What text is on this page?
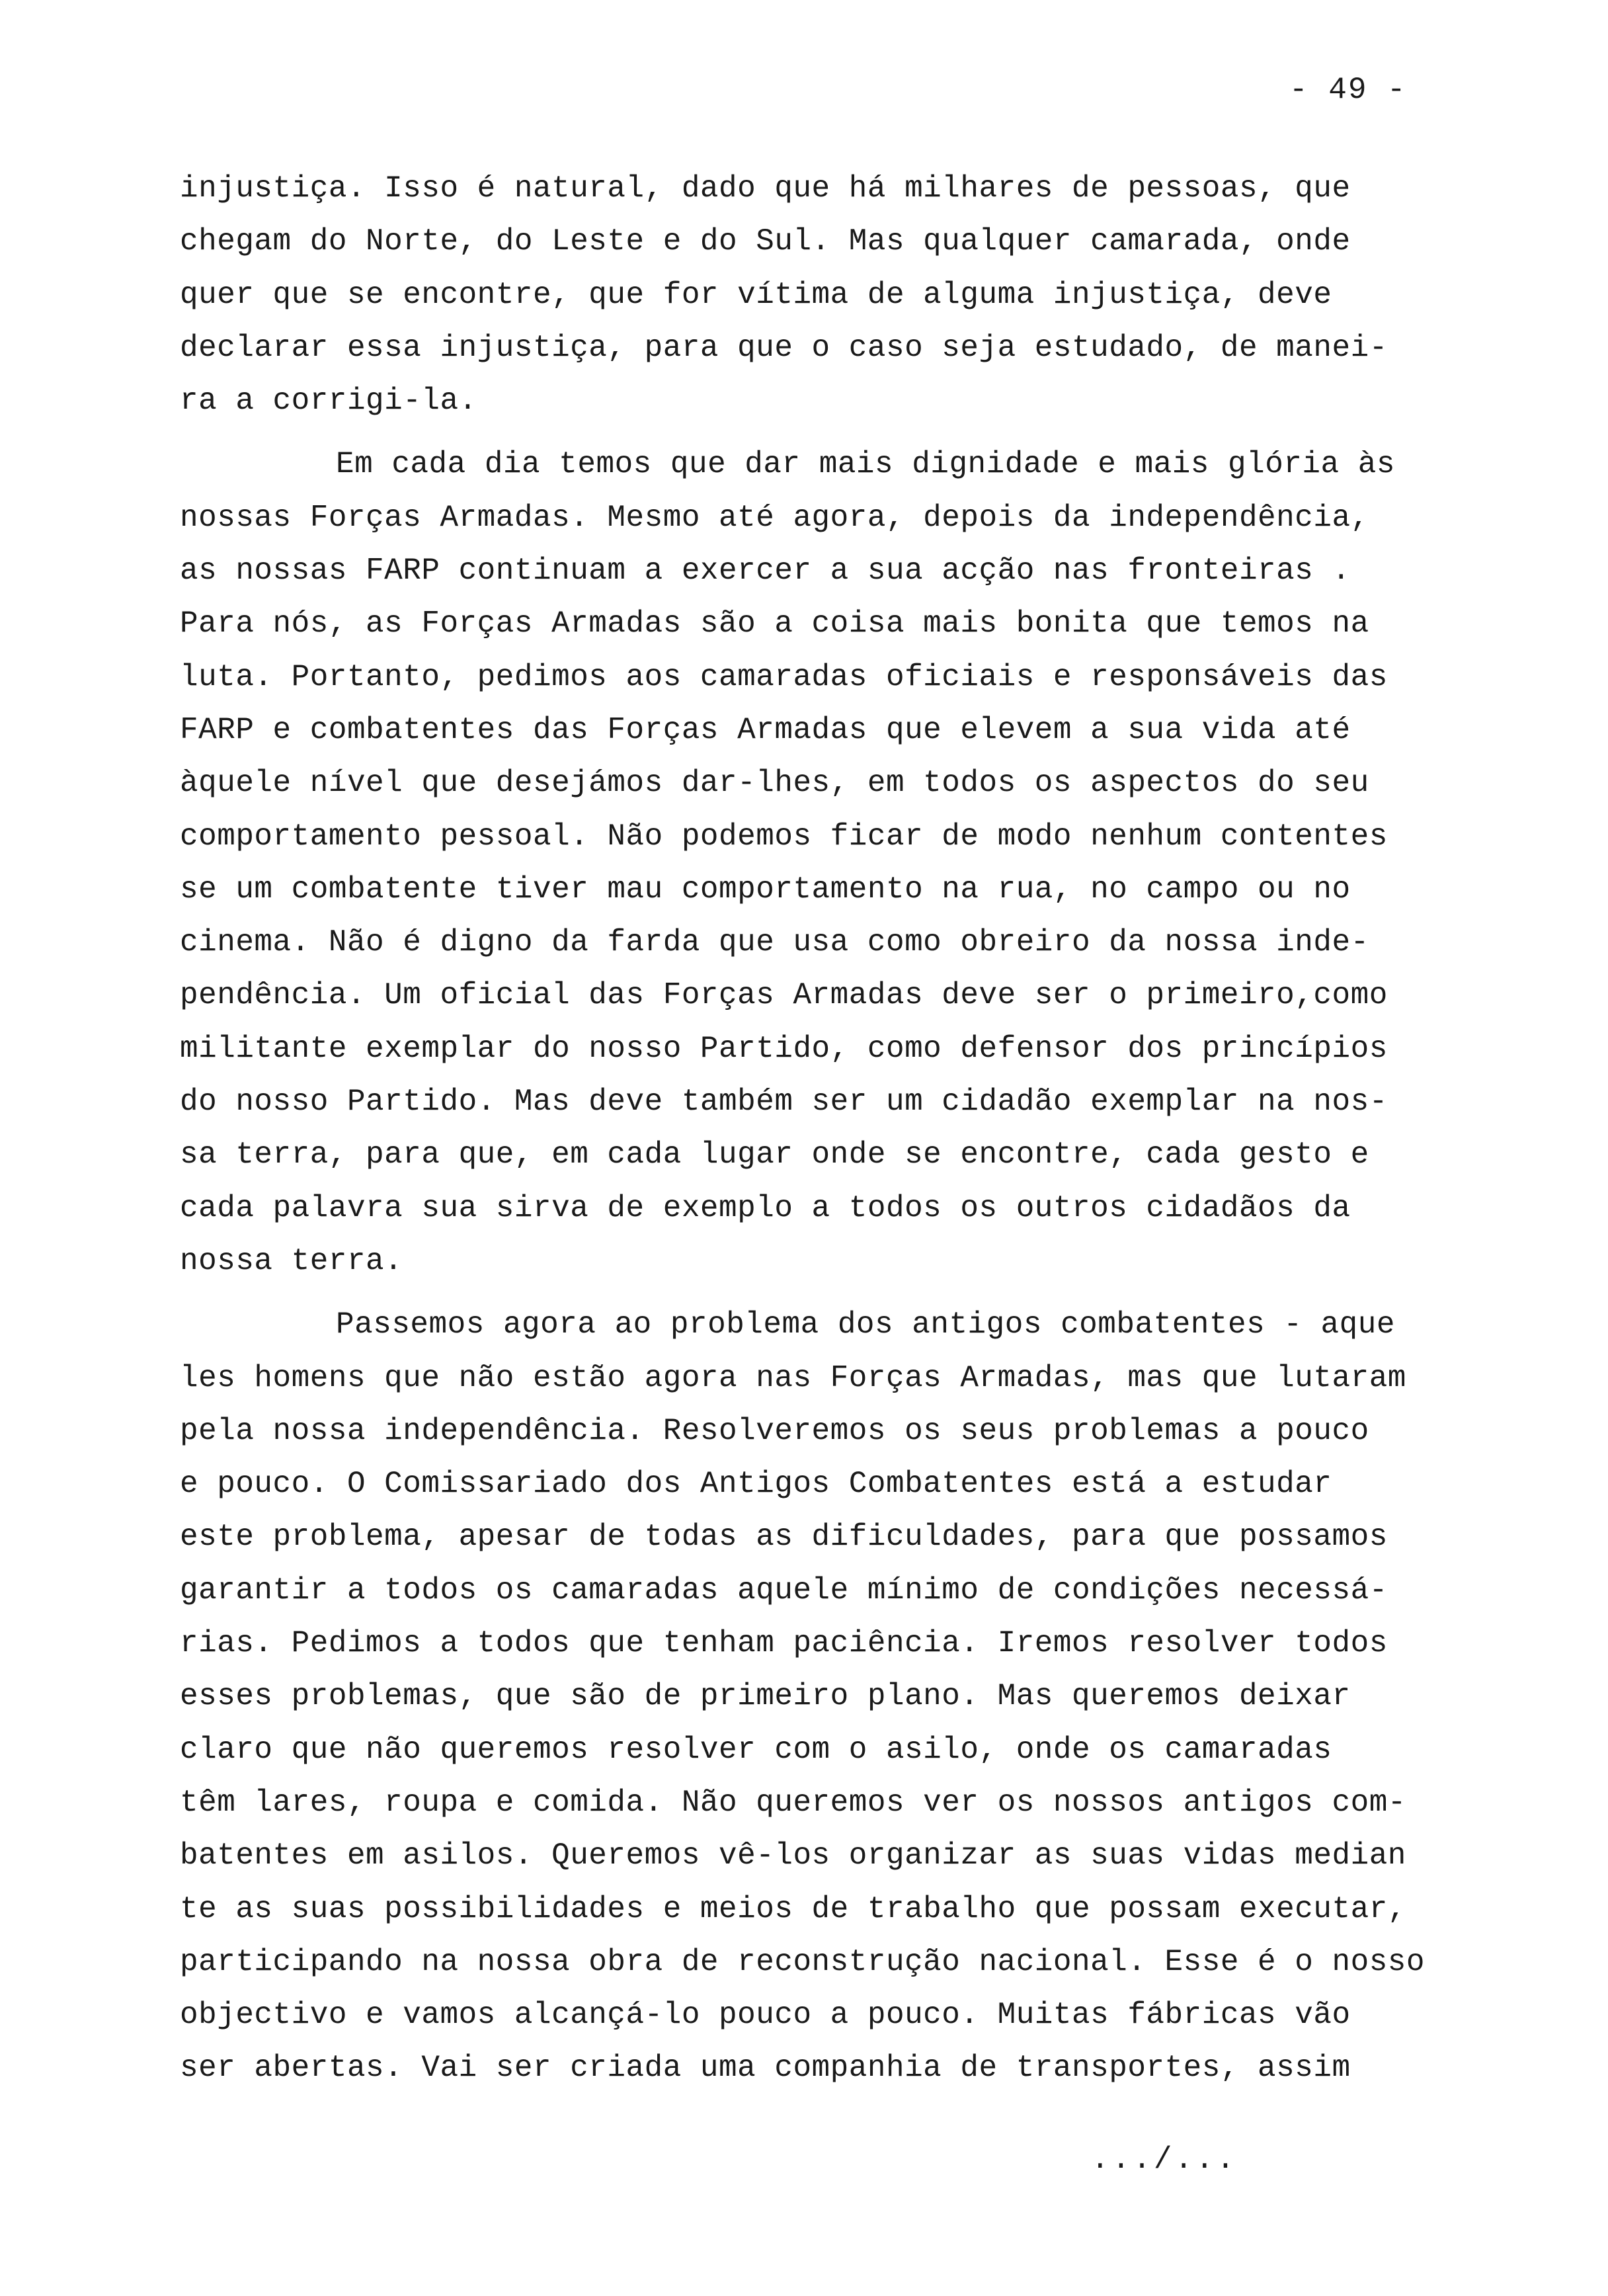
- 49 -
injustiça. Isso é natural, dado que há milhares de pessoas, que
chegam do Norte, do Leste e do Sul. Mas qualquer camarada, onde
quer que se encontre, que for vítima de alguma injustiça, deve
declarar essa injustiça, para que o caso seja estudado, de manei-
ra a corrigi-la.
Em cada dia temos que dar mais dignidade e mais glória às
nossas Forças Armadas. Mesmo até agora, depois da independência,
as nossas FARP continuam a exercer a sua acção nas fronteiras .
Para nós, as Forças Armadas são a coisa mais bonita que temos na
luta. Portanto, pedimos aos camaradas oficiais e responsáveis das
FARP e combatentes das Forças Armadas que elevem a sua vida até
àquele nível que desejámos dar-lhes, em todos os aspectos do seu
comportamento pessoal. Não podemos ficar de modo nenhum contentes
se um combatente tiver mau comportamento na rua, no campo ou no
cinema. Não é digno da farda que usa como obreiro da nossa inde-
pendência. Um oficial das Forças Armadas deve ser o primeiro,como
militante exemplar do nosso Partido, como defensor dos princípios
do nosso Partido. Mas deve também ser um cidadão exemplar na nos-
sa terra, para que, em cada lugar onde se encontre, cada gesto e
cada palavra sua sirva de exemplo a todos os outros cidadãos da
nossa terra.
Passemos agora ao problema dos antigos combatentes - aque
les homens que não estão agora nas Forças Armadas, mas que lutaram
pela nossa independência. Resolveremos os seus problemas a pouco
e pouco. O Comissariado dos Antigos Combatentes está a estudar
este problema, apesar de todas as dificuldades, para que possamos
garantir a todos os camaradas aquele mínimo de condições necessá-
rias. Pedimos a todos que tenham paciência. Iremos resolver todos
esses problemas, que são de primeiro plano. Mas queremos deixar
claro que não queremos resolver com o asilo, onde os camaradas
têm lares, roupa e comida. Não queremos ver os nossos antigos com-
batentes em asilos. Queremos vê-los organizar as suas vidas median
te as suas possibilidades e meios de trabalho que possam executar,
participando na nossa obra de reconstrução nacional. Esse é o nosso
objectivo e vamos alcançá-lo pouco a pouco. Muitas fábricas vão
ser abertas. Vai ser criada uma companhia de transportes, assim
.../...
